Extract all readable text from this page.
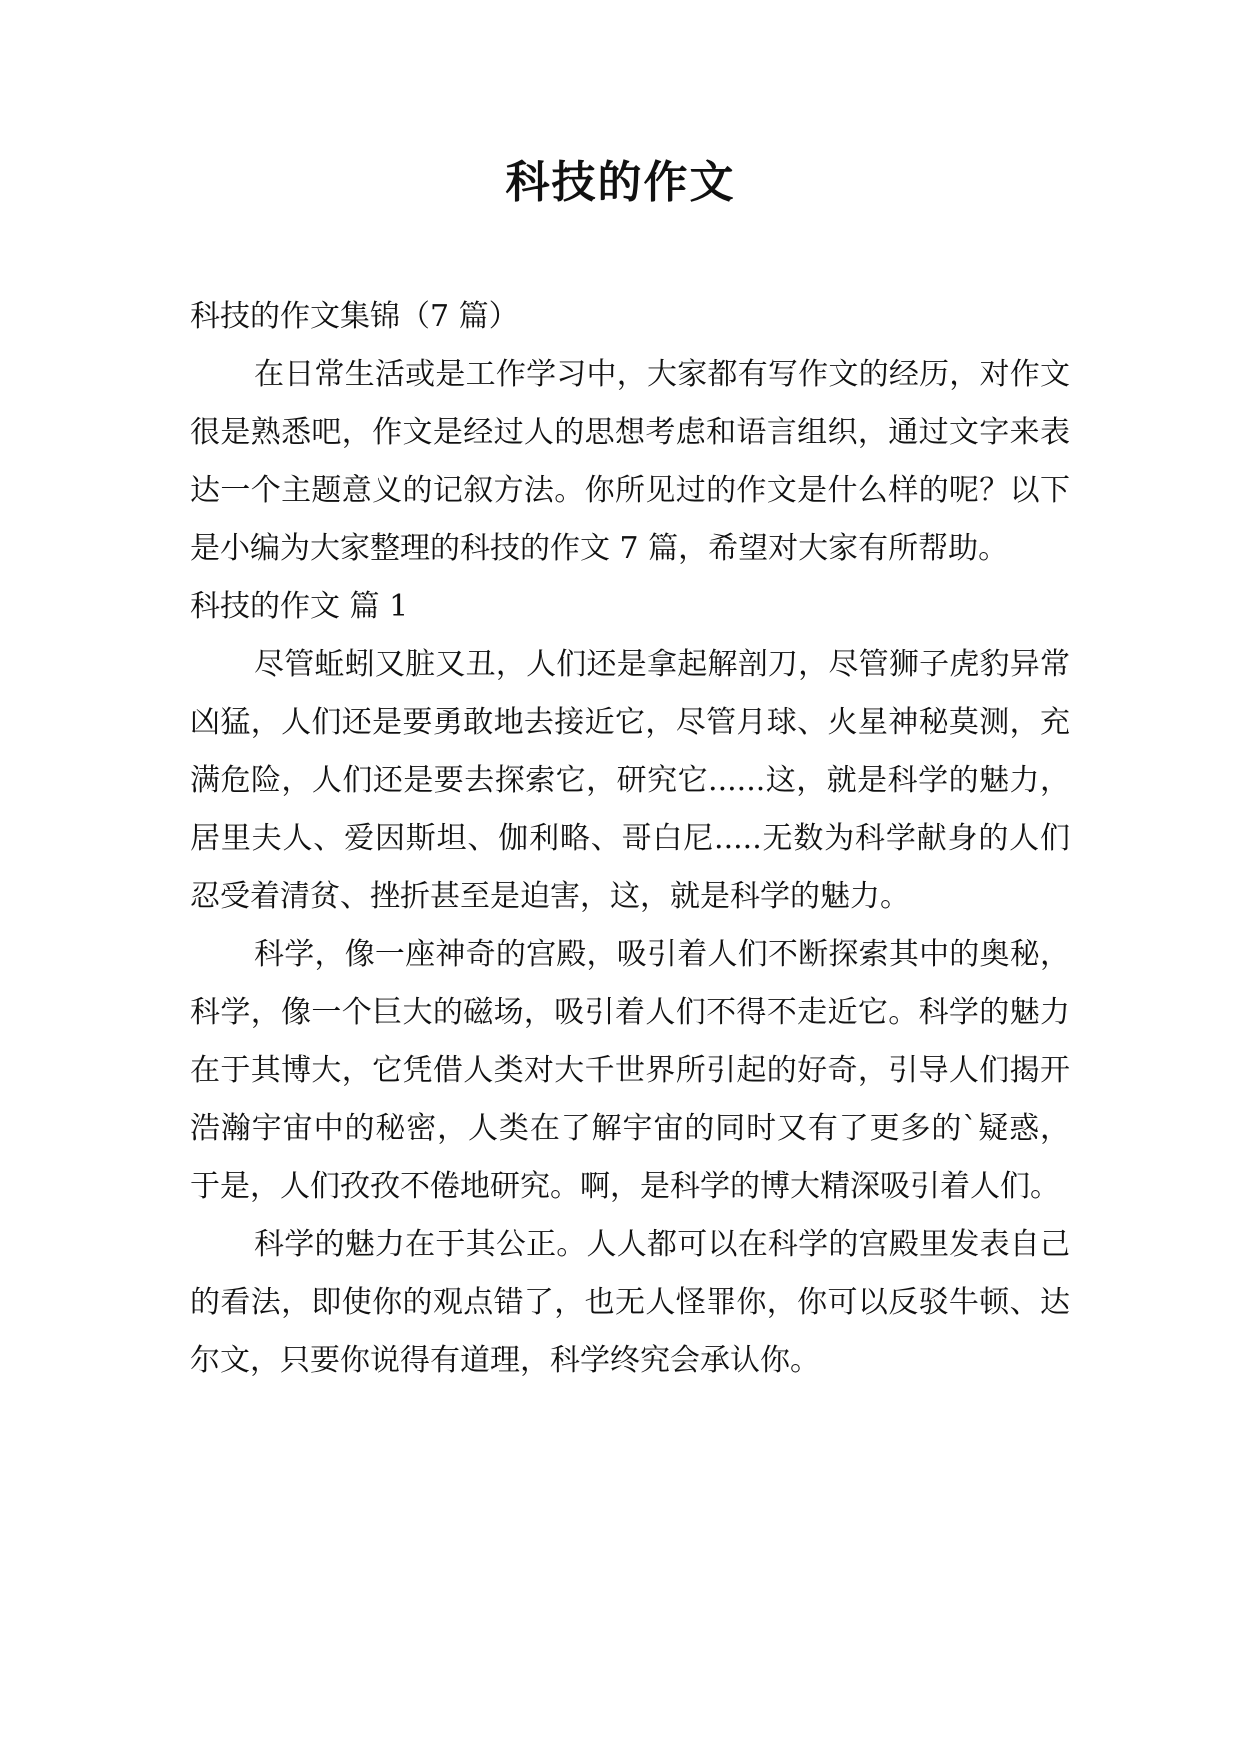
科技的作文

科技的作文集锦（7 篇）

在日常生活或是工作学习中，大家都有写作文的经历，对作文很是熟悉吧，作文是经过人的思想考虑和语言组织，通过文字来表达一个主题意义的记叙方法。你所见过的作文是什么样的呢？以下是小编为大家整理的科技的作文 7 篇，希望对大家有所帮助。

科技的作文 篇 1

尽管蚯蚓又脏又丑，人们还是拿起解剖刀，尽管狮子虎豹异常凶猛，人们还是要勇敢地去接近它，尽管月球、火星神秘莫测，充满危险，人们还是要去探索它，研究它......这，就是科学的魅力，居里夫人、爱因斯坦、伽利略、哥白尼.....无数为科学献身的人们忍受着清贫、挫折甚至是迫害，这，就是科学的魅力。

科学，像一座神奇的宫殿，吸引着人们不断探索其中的奥秘，科学，像一个巨大的磁场，吸引着人们不得不走近它。科学的魅力在于其博大，它凭借人类对大千世界所引起的好奇，引导人们揭开浩瀚宇宙中的秘密，人类在了解宇宙的同时又有了更多的`疑惑，于是，人们孜孜不倦地研究。啊，是科学的博大精深吸引着人们。

科学的魅力在于其公正。人人都可以在科学的宫殿里发表自己的看法，即使你的观点错了，也无人怪罪你，你可以反驳牛顿、达尔文，只要你说得有道理，科学终究会承认你。
